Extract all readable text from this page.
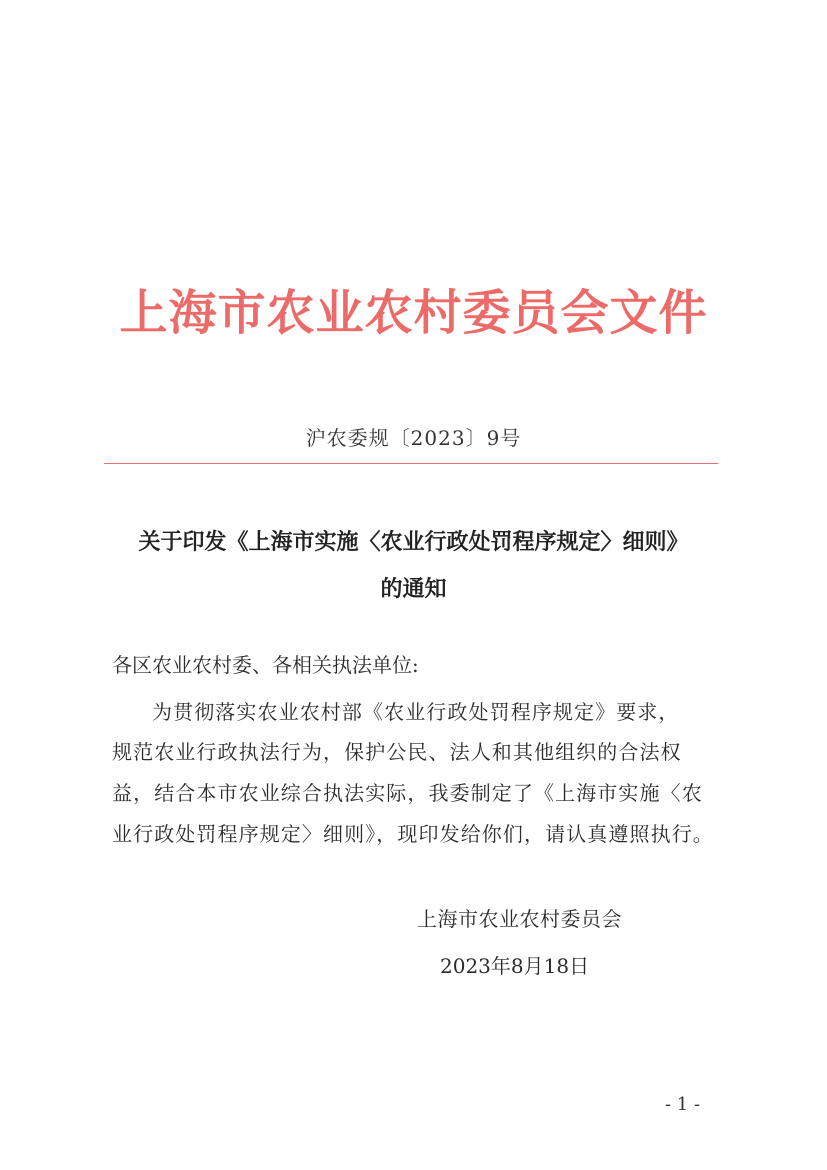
上海市农业农村委员会文件
沪农委规〔2023〕9号
关于印发《上海市实施〈农业行政处罚程序规定〉细则》
的通知
各区农业农村委、各相关执法单位:
为贯彻落实农业农村部《农业行政处罚程序规定》要求，
规范农业行政执法行为，保护公民、法人和其他组织的合法权
益，结合本市农业综合执法实际，我委制定了《上海市实施〈农
业行政处罚程序规定〉细则》，现印发给你们，请认真遵照执行。
上海市农业农村委员会
2023年8月18日
- 1 -
